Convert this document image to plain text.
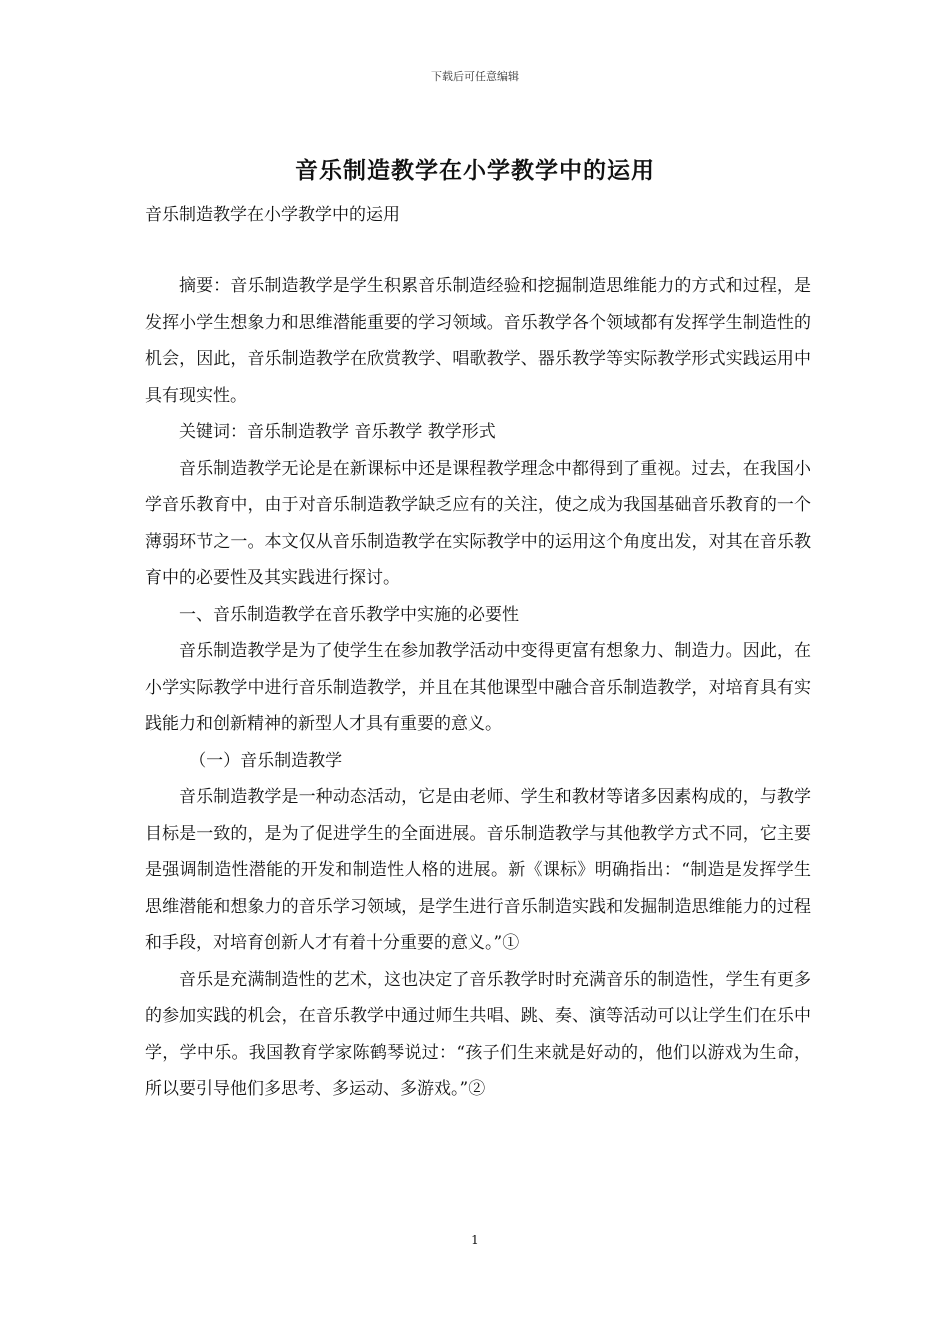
下载后可任意编辑
音乐制造教学在小学教学中的运用
音乐制造教学在小学教学中的运用

摘要：音乐制造教学是学生积累音乐制造经验和挖掘制造思维能力的方式和过程，是发挥小学生想象力和思维潜能重要的学习领域。音乐教学各个领域都有发挥学生制造性的机会，因此，音乐制造教学在欣赏教学、唱歌教学、器乐教学等实际教学形式实践运用中具有现实性。

关键词：音乐制造教学 音乐教学 教学形式

音乐制造教学无论是在新课标中还是课程教学理念中都得到了重视。过去，在我国小学音乐教育中，由于对音乐制造教学缺乏应有的关注，使之成为我国基础音乐教育的一个薄弱环节之一。本文仅从音乐制造教学在实际教学中的运用这个角度出发，对其在音乐教育中的必要性及其实践进行探讨。

一、音乐制造教学在音乐教学中实施的必要性

音乐制造教学是为了使学生在参加教学活动中变得更富有想象力、制造力。因此，在小学实际教学中进行音乐制造教学，并且在其他课型中融合音乐制造教学，对培育具有实践能力和创新精神的新型人才具有重要的意义。

（一）音乐制造教学

音乐制造教学是一种动态活动，它是由老师、学生和教材等诸多因素构成的，与教学目标是一致的，是为了促进学生的全面进展。音乐制造教学与其他教学方式不同，它主要是强调制造性潜能的开发和制造性人格的进展。新《课标》明确指出：“制造是发挥学生思维潜能和想象力的音乐学习领域，是学生进行音乐制造实践和发掘制造思维能力的过程和手段，对培育创新人才有着十分重要的意义。”①

音乐是充满制造性的艺术，这也决定了音乐教学时时充满音乐的制造性，学生有更多的参加实践的机会，在音乐教学中通过师生共唱、跳、奏、演等活动可以让学生们在乐中学，学中乐。我国教育学家陈鹤琴说过：“孩子们生来就是好动的，他们以游戏为生命，所以要引导他们多思考、多运动、多游戏。”②

1
